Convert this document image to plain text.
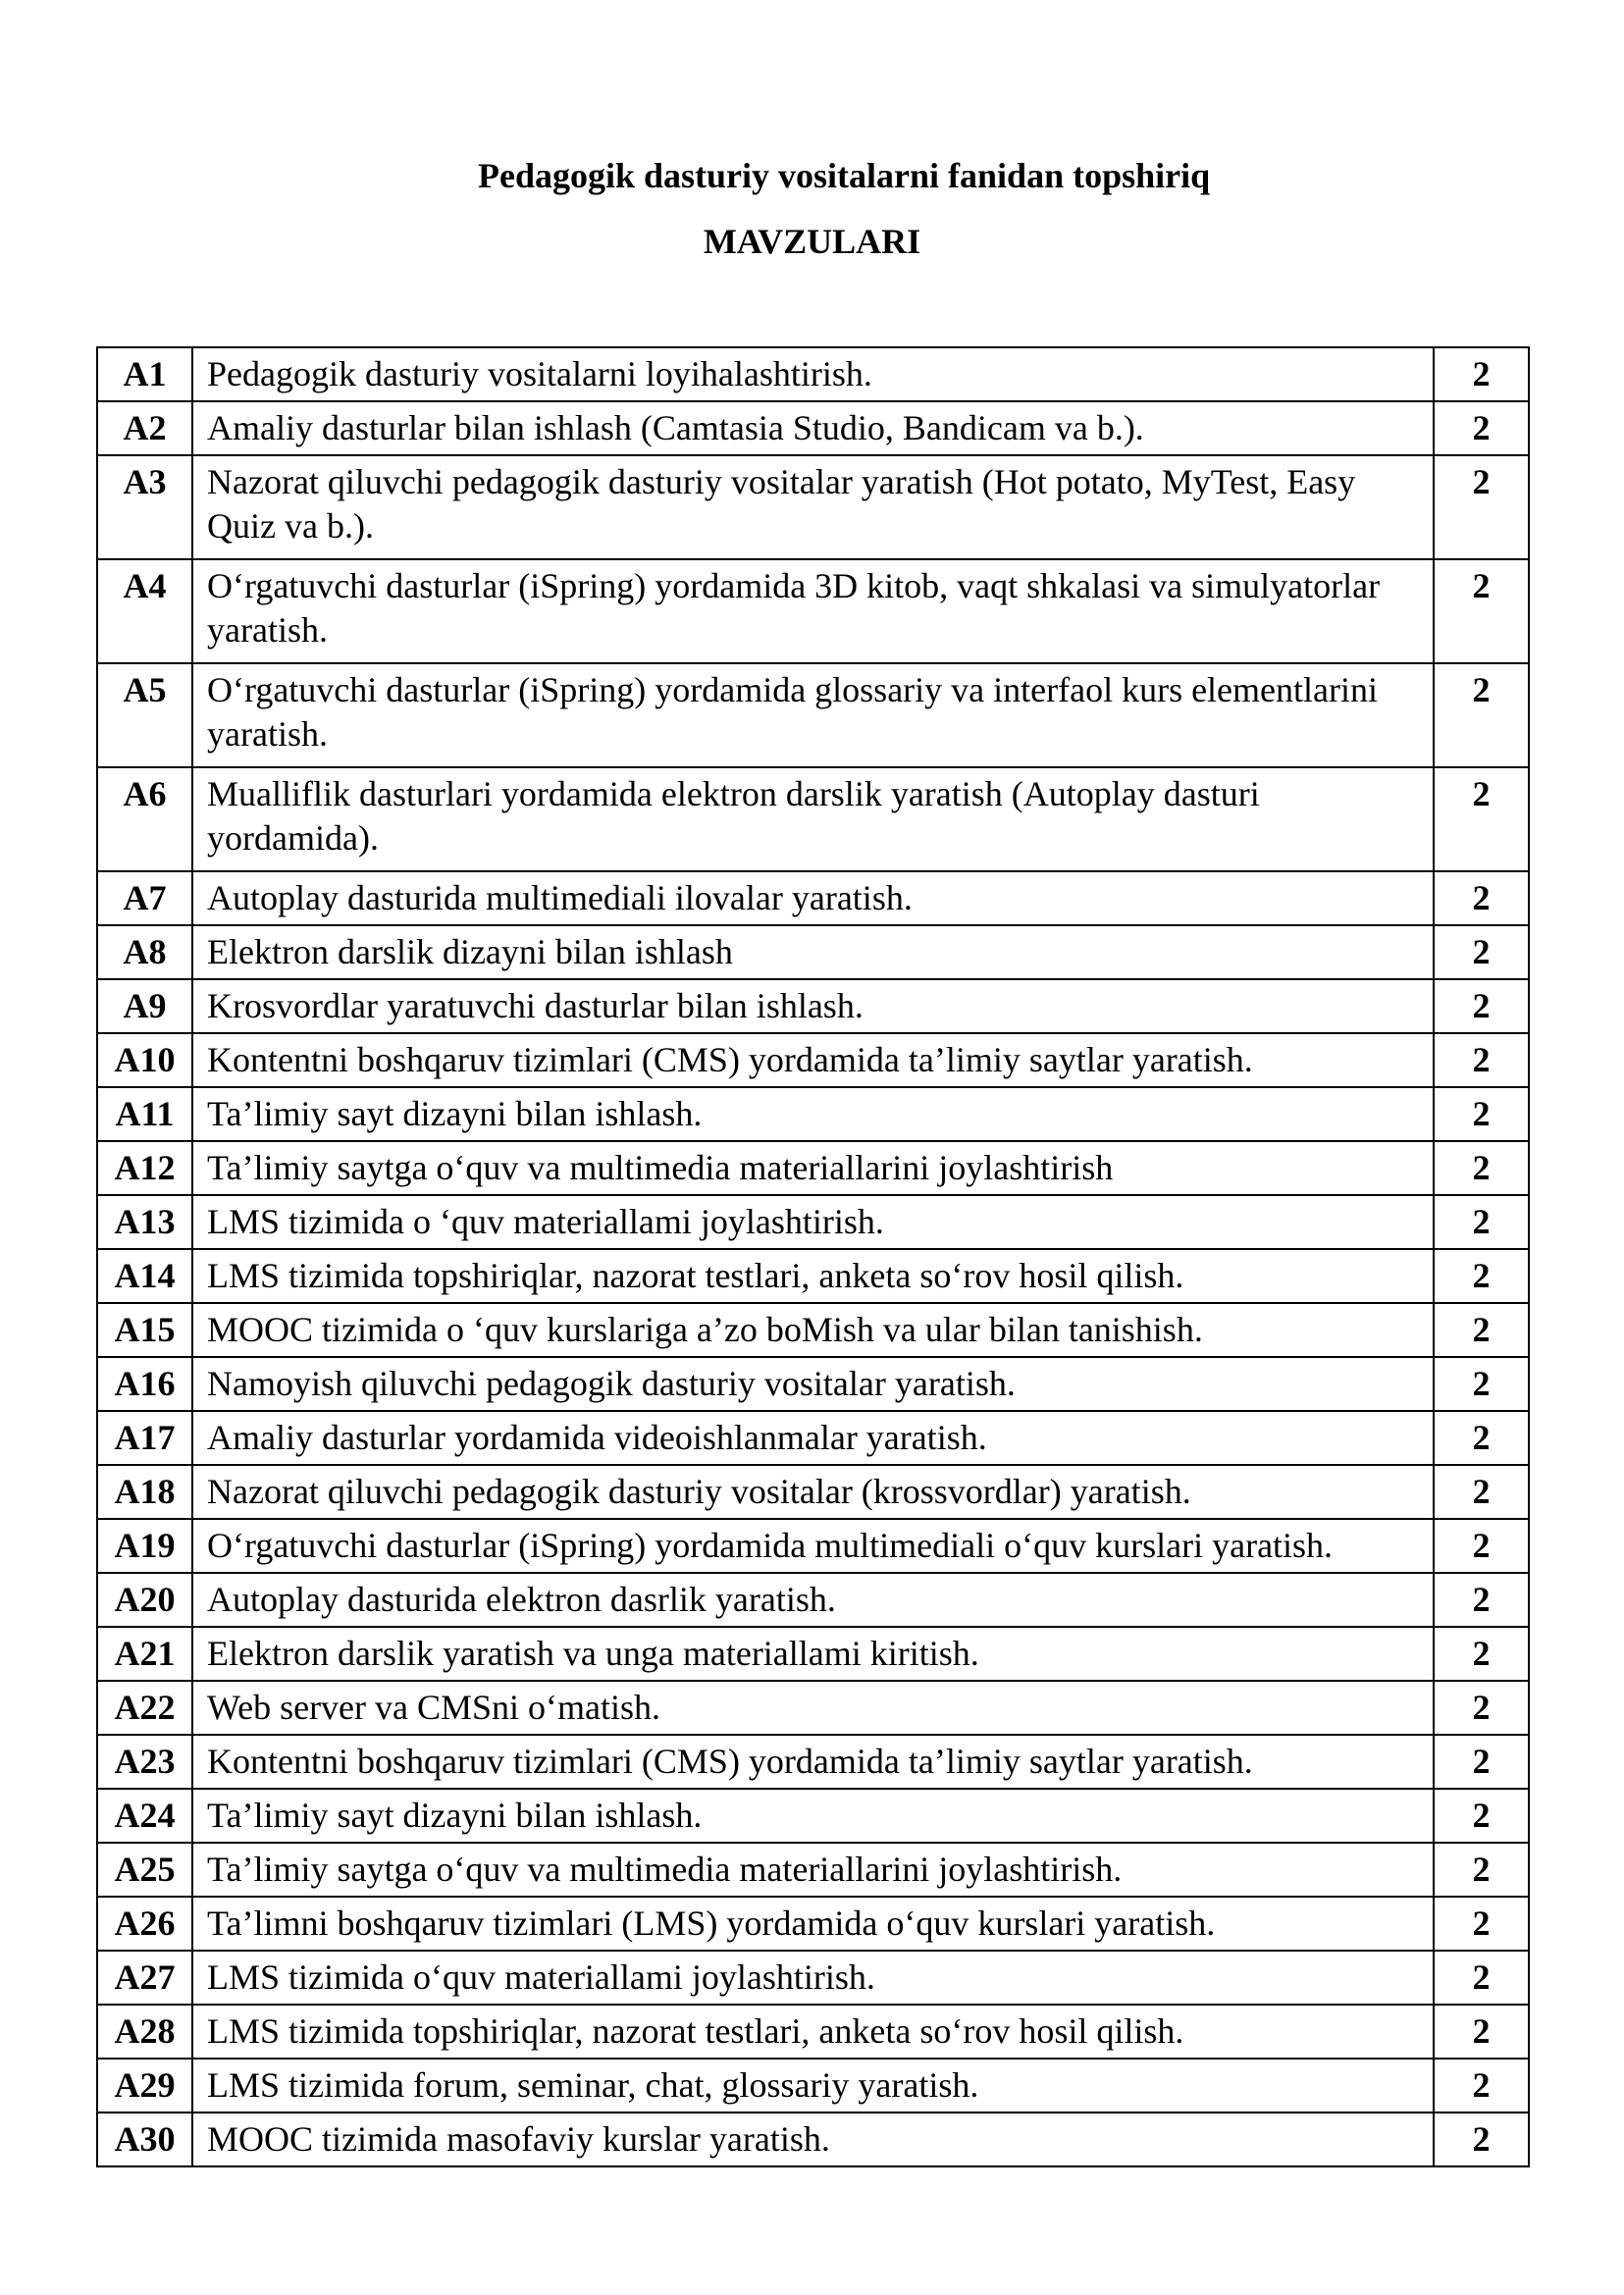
Pedagogik dasturiy vositalarni fanidan topshiriq

MAVZULARI

A1	Pedagogik dasturiy vositalarni loyihalashtirish.	2
A2	Amaliy dasturlar bilan ishlash (Camtasia Studio, Bandicam va b.).	2
A3	Nazorat qiluvchi pedagogik dasturiy vositalar yaratish (Hot potato, MyTest, Easy Quiz va b.).	2
A4	O‘rgatuvchi dasturlar (iSpring) yordamida 3D kitob, vaqt shkalasi va simulyatorlar yaratish.	2
A5	O‘rgatuvchi dasturlar (iSpring) yordamida glossariy va interfaol kurs elementlarini yaratish.	2
A6	Mualliflik dasturlari yordamida elektron darslik yaratish (Autoplay dasturi yordamida).	2
A7	Autoplay dasturida multimediali ilovalar yaratish.	2
A8	Elektron darslik dizayni bilan ishlash	2
A9	Krosvordlar yaratuvchi dasturlar bilan ishlash.	2
A10	Kontentni boshqaruv tizimlari (CMS) yordamida ta’limiy saytlar yaratish.	2
A11	Ta’limiy sayt dizayni bilan ishlash.	2
A12	Ta’limiy saytga o‘quv va multimedia materiallarini joylashtirish	2
A13	LMS tizimida o ‘quv materiallami joylashtirish.	2
A14	LMS tizimida topshiriqlar, nazorat testlari, anketa so‘rov hosil qilish.	2
A15	MOOC tizimida o ‘quv kurslariga a’zo boMish va ular bilan tanishish.	2
A16	Namoyish qiluvchi pedagogik dasturiy vositalar yaratish.	2
A17	Amaliy dasturlar yordamida videoishlanmalar yaratish.	2
A18	Nazorat qiluvchi pedagogik dasturiy vositalar (krossvordlar) yaratish.	2
A19	O‘rgatuvchi dasturlar (iSpring) yordamida multimediali o‘quv kurslari yaratish.	2
A20	Autoplay dasturida elektron dasrlik yaratish.	2
A21	Elektron darslik yaratish va unga materiallami kiritish.	2
A22	Web server va CMSni o‘matish.	2
A23	Kontentni boshqaruv tizimlari (CMS) yordamida ta’limiy saytlar yaratish.	2
A24	Ta’limiy sayt dizayni bilan ishlash.	2
A25	Ta’limiy saytga o‘quv va multimedia materiallarini joylashtirish.	2
A26	Ta’limni boshqaruv tizimlari (LMS) yordamida o‘quv kurslari yaratish.	2
A27	LMS tizimida o‘quv materiallami joylashtirish.	2
A28	LMS tizimida topshiriqlar, nazorat testlari, anketa so‘rov hosil qilish.	2
A29	LMS tizimida forum, seminar, chat, glossariy yaratish.	2
A30	MOOC tizimida masofaviy kurslar yaratish.	2
